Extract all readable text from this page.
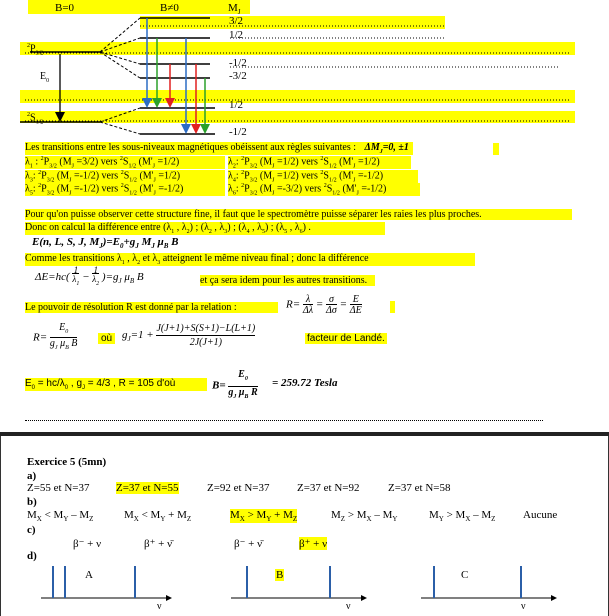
B=0	B≠0	$M_J$
3/2
1/2
-1/2
-3/2
1/2
-1/2
$^2P_{3/2}$
$E_0$
$^2S_{1/2}$
Les transitions entre les sous-niveaux magnétiques obéissent aux règles suivantes : $\Delta M_J=0$, ±1
$\lambda_1$ : $^2P_{3/2}$ $(M_J =3/2)$ vers $^2S_{1/2}$ $(M'_J =1/2)$	$\lambda_2$: $^2P_{3/2}$ $(M_J =1/2)$ vers $^2S_{1/2}$ $(M'_J =1/2)$
$\lambda_3$: $^2P_{3/2}$ $(M_J =-1/2)$ vers $^2S_{1/2}$ $(M'_J =1/2)$	$\lambda_4$: $^2P_{3/2}$ $(M_J =1/2)$ vers $^2S_{1/2}$ $(M'_J =-1/2)$
$\lambda_5$: $^2P_{3/2}$ $(M_J =-1/2)$ vers $^2S_{1/2}$ $(M'_J =-1/2)$	$\lambda_6$: $^2P_{3/2}$ $(M_J =-3/2)$ vers $^2S_{1/2}$ $(M'_J =-1/2)$
Pour qu'on puisse observer cette structure fine, il faut que le spectromètre puisse séparer les raies les plus proches.
Donc on calcul la différence entre ($\lambda_1$ , $\lambda_2$) ; ($\lambda_2$ , $\lambda_3$) ; ($\lambda_4$ , $\lambda_5$) ; ($\lambda_5$ , $\lambda_6$) .
E(n, L, S, J, $M_J)=E_0+g_J$ $M_J$ $\mu_B$ B
Comme les transitions $\lambda_1$ , $\lambda_2$ et $\lambda_3$ atteignent le même niveau final ; donc la différence
ΔE=hc( 1
$\lambda_1 - 1$
$\lambda_2$ )$=g_J$ $\mu_B$ B	et ça sera idem pour les autres transitions.
Le pouvoir de résolution R est donné par la relation :	R= λ
Δλ = σ
Δσ = E
ΔE
$R= E_0$
$g_J$ $\mu_B$ B	où $g_J=1 + J(J+1)+S(S+1)-L(L+1)$
2J(J+1)	facteur de Landé.
$E_0 = hc/\lambda_0$ , $g_J = 4/3$ , R = 105 d'où	$B= E_0$
$g_J$ $\mu_B$ R
= 259.72 Tesla
Exercice 5 (5mn)
a)
Z=55 et N=37 Z=37 et N=55	Z=92 et N=37 Z=37 et N=92	Z=37 et N=58
b)
$M_X < M_Y - M_Z$	$M_X < M_Y + M_Z$	$M_X > M_Y + M_Z$	$M_Z > M_X - M_Y$	$M_Y > M_X - M_Z$	Aucune
c)
β⁻ + ν	β⁺ + ν̄	β⁻ + ν̄	β⁺ + ν
d)
A	B	C
ν	ν	ν
